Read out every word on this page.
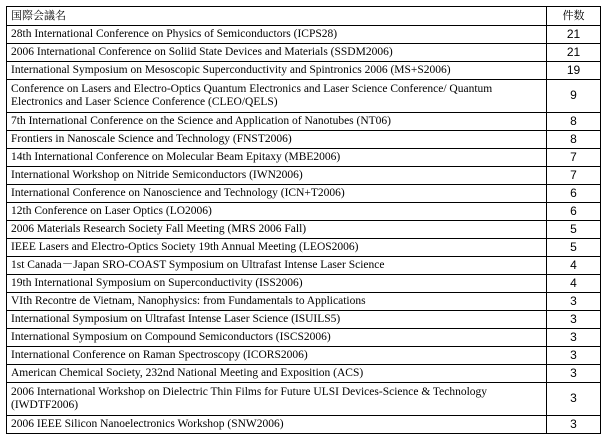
国際会議名	件数
28th International Conference on Physics of Semiconductors (ICPS28)	21
2006 International Conference on Soliid State Devices and Materials (SSDM2006)	21
International Symposium on Mesoscopic Superconductivity and Spintronics 2006 (MS+S2006)	19
Conference on Lasers and Electro-Optics Quantum Electronics and Laser Science Conference/ Quantum Electronics and Laser Science Conference (CLEO/QELS)	9
7th International Conference on the Science and Application of Nanotubes (NT06)	8
Frontiers in Nanoscale Science and Technology (FNST2006)	8
14th International Conference on Molecular Beam Epitaxy (MBE2006)	7
International Workshop on Nitride Semiconductors (IWN2006)	7
International Conference on Nanoscience and Technology (ICN+T2006)	6
12th Conference on Laser Optics (LO2006)	6
2006 Materials Research Society Fall Meeting (MRS 2006 Fall)	5
IEEE Lasers and Electro-Optics Society 19th Annual Meeting (LEOS2006)	5
1st Canada－Japan SRO-COAST Symposium on Ultrafast Intense Laser Science	4
19th International Symposium on Superconductivity (ISS2006)	4
VIth Recontre de Vietnam, Nanophysics: from Fundamentals to Applications	3
International Symposium on Ultrafast Intense Laser Science (ISUILS5)	3
International Symposium on Compound Semiconductors (ISCS2006)	3
International Conference on Raman Spectroscopy (ICORS2006)	3
American Chemical Society, 232nd National Meeting and Exposition (ACS)	3
2006 International Workshop on Dielectric Thin Films for Future ULSI Devices-Science & Technology (IWDTF2006)	3
2006 IEEE Silicon Nanoelectronics Workshop (SNW2006)	3
